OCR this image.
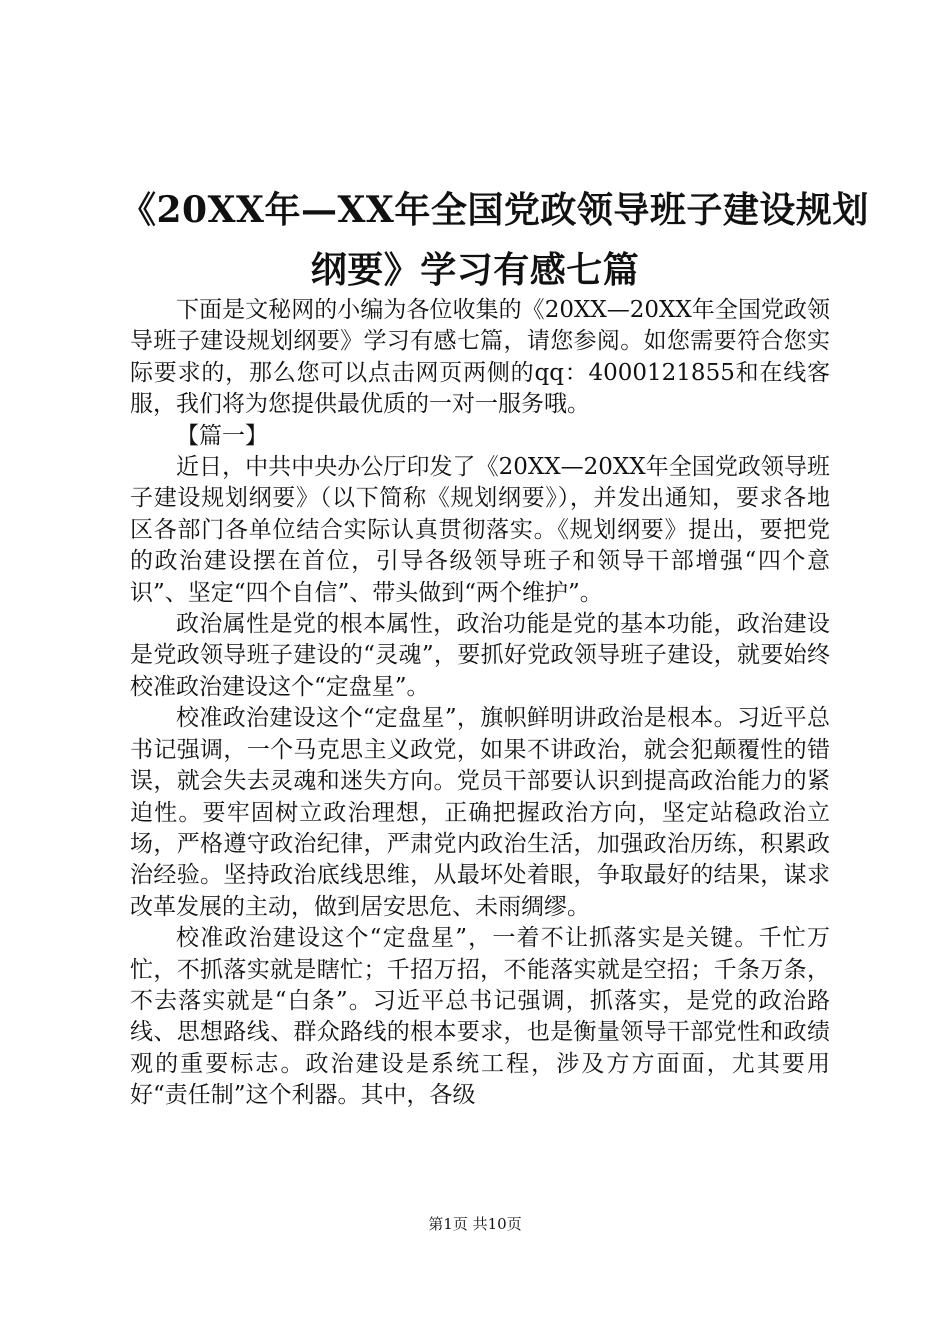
《20XX年—XX年全国党政领导班子建设规划
纲要》学习有感七篇

下面是文秘网的小编为各位收集的《20XX—20XX年全国党政领导班子建设规划纲要》学习有感七篇，请您参阅。如您需要符合您实际要求的，那么您可以点击网页两侧的qq：4000121855和在线客服，我们将为您提供最优质的一对一服务哦。

【篇一】

近日，中共中央办公厅印发了《20XX—20XX年全国党政领导班子建设规划纲要》（以下简称《规划纲要》），并发出通知，要求各地区各部门各单位结合实际认真贯彻落实。《规划纲要》提出，要把党的政治建设摆在首位，引导各级领导班子和领导干部增强“四个意识”、坚定“四个自信”、带头做到“两个维护”。

政治属性是党的根本属性，政治功能是党的基本功能，政治建设是党政领导班子建设的“灵魂”，要抓好党政领导班子建设，就要始终校准政治建设这个“定盘星”。

校准政治建设这个“定盘星”，旗帜鲜明讲政治是根本。习近平总书记强调，一个马克思主义政党，如果不讲政治，就会犯颠覆性的错误，就会失去灵魂和迷失方向。党员干部要认识到提高政治能力的紧迫性。要牢固树立政治理想，正确把握政治方向，坚定站稳政治立场，严格遵守政治纪律，严肃党内政治生活，加强政治历练，积累政治经验。坚持政治底线思维，从最坏处着眼，争取最好的结果，谋求改革发展的主动，做到居安思危、未雨绸缪。

校准政治建设这个“定盘星”，一着不让抓落实是关键。千忙万忙，不抓落实就是瞎忙；千招万招，不能落实就是空招；千条万条，不去落实就是“白条”。习近平总书记强调，抓落实，是党的政治路线、思想路线、群众路线的根本要求，也是衡量领导干部党性和政绩观的重要标志。政治建设是系统工程，涉及方方面面，尤其要用好“责任制”这个利器。其中，各级

第1页 共10页
